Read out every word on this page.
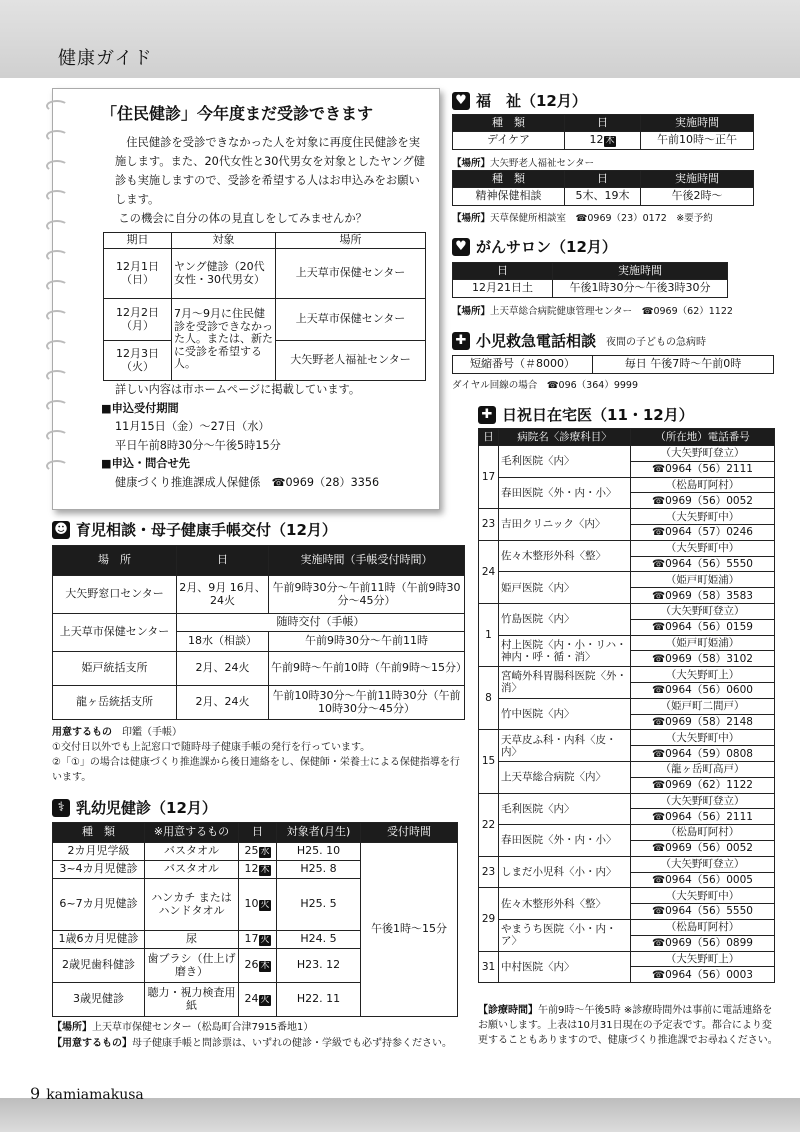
健康ガイド
「住民健診」今年度まだ受診できます
住民健診を受診できなかった人を対象に再度住民健診を実施します。また、20代女性と30代男女を対象としたヤング健診も実施しますので、受診を希望する人はお申込みをお願いします。
この機会に自分の体の見直しをしてみませんか？
期日	対象	場所
12月1日（日）	ヤング健診（20代女性・30代男女）	上天草市保健センター
12月2日（月）	7月～9月に住民健診を受診できなかった人。または、新たに受診を希望する人。	上天草市保健センター
12月3日（火）		大矢野老人福祉センター
詳しい内容は市ホームページに掲載しています。
■申込受付期間
11月15日（金）～27日（水）
平日午前8時30分～午後5時15分
■申込・問合せ先
健康づくり推進課成人保健係　☎0969（28）3356
☻ 育児相談・母子健康手帳交付（12月）
場　所	日	実施時間（手帳受付時間）
大矢野窓口センター	2月、9月 16月、24火	午前9時30分～午前11時（午前9時30分～45分）
上天草市保健センター	随時交付（手帳）	
	18水（相談）	午前9時30分～午前11時
姫戸統括支所	2月、24火	午前9時～午前10時（午前9時～15分）
龍ヶ岳統括支所	2月、24火	午前10時30分～午前11時30分（午前10時30分～45分）
用意するもの　 印鑑（手帳）
①交付日以外でも上記窓口で随時母子健康手帳の発行を行っています。
②「①」の場合は健康づくり推進課から後日連絡をし、保健師・栄養士による保健指導を行います。
⚕ 乳幼児健診（12月）
種　類	※用意するもの	日	対象者(月生)	受付時間
2カ月児学級	バスタオル	25 水	H25. 10	午後1時～15分
3~4カ月児健診	バスタオル	12 木	H25. 8	
6~7カ月児健診	ハンカチ または ハンドタオル	10 火	H25. 5	
1歳6カ月児健診	尿	17 火	H24. 5	
2歳児歯科健診	歯ブラシ（仕上げ磨き）	26 木	H23. 12	
3歳児健診	聴力・視力検査用紙	24 火	H22. 11	
【場所】上天草市保健センター（松島町合津7915番地1）
【用意するもの】母子健康手帳と問診票は、いずれの健診・学級でも必ず持参ください。
♥ 福　祉（12月）
種　類	日	実施時間
デイケア	12 木	午前10時～正午
【場所】大矢野老人福祉センター
種　類	日	実施時間
精神保健相談	5木、19木	午後2時～
【場所】天草保健所相談室　☎0969（23）0172　※要予約
♥ がんサロン（12月）
日	実施時間
12月21日土	午後1時30分～午後3時30分
【場所】上天草総合病院健康管理センター　☎0969（62）1122
✚ 小児救急電話相談 夜間の子どもの急病時
短縮番号（＃8000）	毎日 午後7時～午前0時
ダイヤル回線の場合　☎096（364）9999
✚ 日祝日在宅医（11・12月）
日	病院名〈診療科目〉	（所在地）電話番号
17	毛利医院〈内〉	（大矢野町登立）
		☎0964（56）2111
	春田医院〈外・内・小〉	（松島町阿村）
		☎0969（56）0052
23	吉田クリニック〈内〉	（大矢野町中）
		☎0964（57）0246
24	佐々木整形外科〈整〉	（大矢野町中）
		☎0964（56）5550
	姫戸医院〈内〉	（姫戸町姫浦）
		☎0969（58）3583
1	竹島医院〈内〉	（大矢野町登立）
		☎0964（56）0159
	村上医院〈内・小・リハ・神内・呼・循・消〉	（姫戸町姫浦）
		☎0969（58）3102
8	宮崎外科胃腸科医院〈外・消〉	（大矢野町上）
		☎0964（56）0600
	竹中医院〈内〉	（姫戸町二間戸）
		☎0969（58）2148
15	天草皮ふ科・内科〈皮・内〉	（大矢野町中）
		☎0964（59）0808
	上天草総合病院〈内〉	（龍ヶ岳町高戸）
		☎0969（62）1122
22	毛利医院〈内〉	（大矢野町登立）
		☎0964（56）2111
	春田医院〈外・内・小〉	（松島町阿村）
		☎0969（56）0052
23	しまだ小児科〈小・内〉	（大矢野町登立）
		☎0964（56）0005
29	佐々木整形外科〈整〉	（大矢野町中）
		☎0964（56）5550
	やまうち医院〈小・内・ア〉	（松島町阿村）
		☎0969（56）0899
31	中村医院〈内〉	（大矢野町上）
		☎0964（56）0003
【診療時間】午前9時～午後5時 ※診療時間外は事前に電話連絡をお願いします。上表は10月31日現在の予定表です。都合により変更することもありますので、健康づくり推進課でお尋ねください。
9 kamiamakusa
